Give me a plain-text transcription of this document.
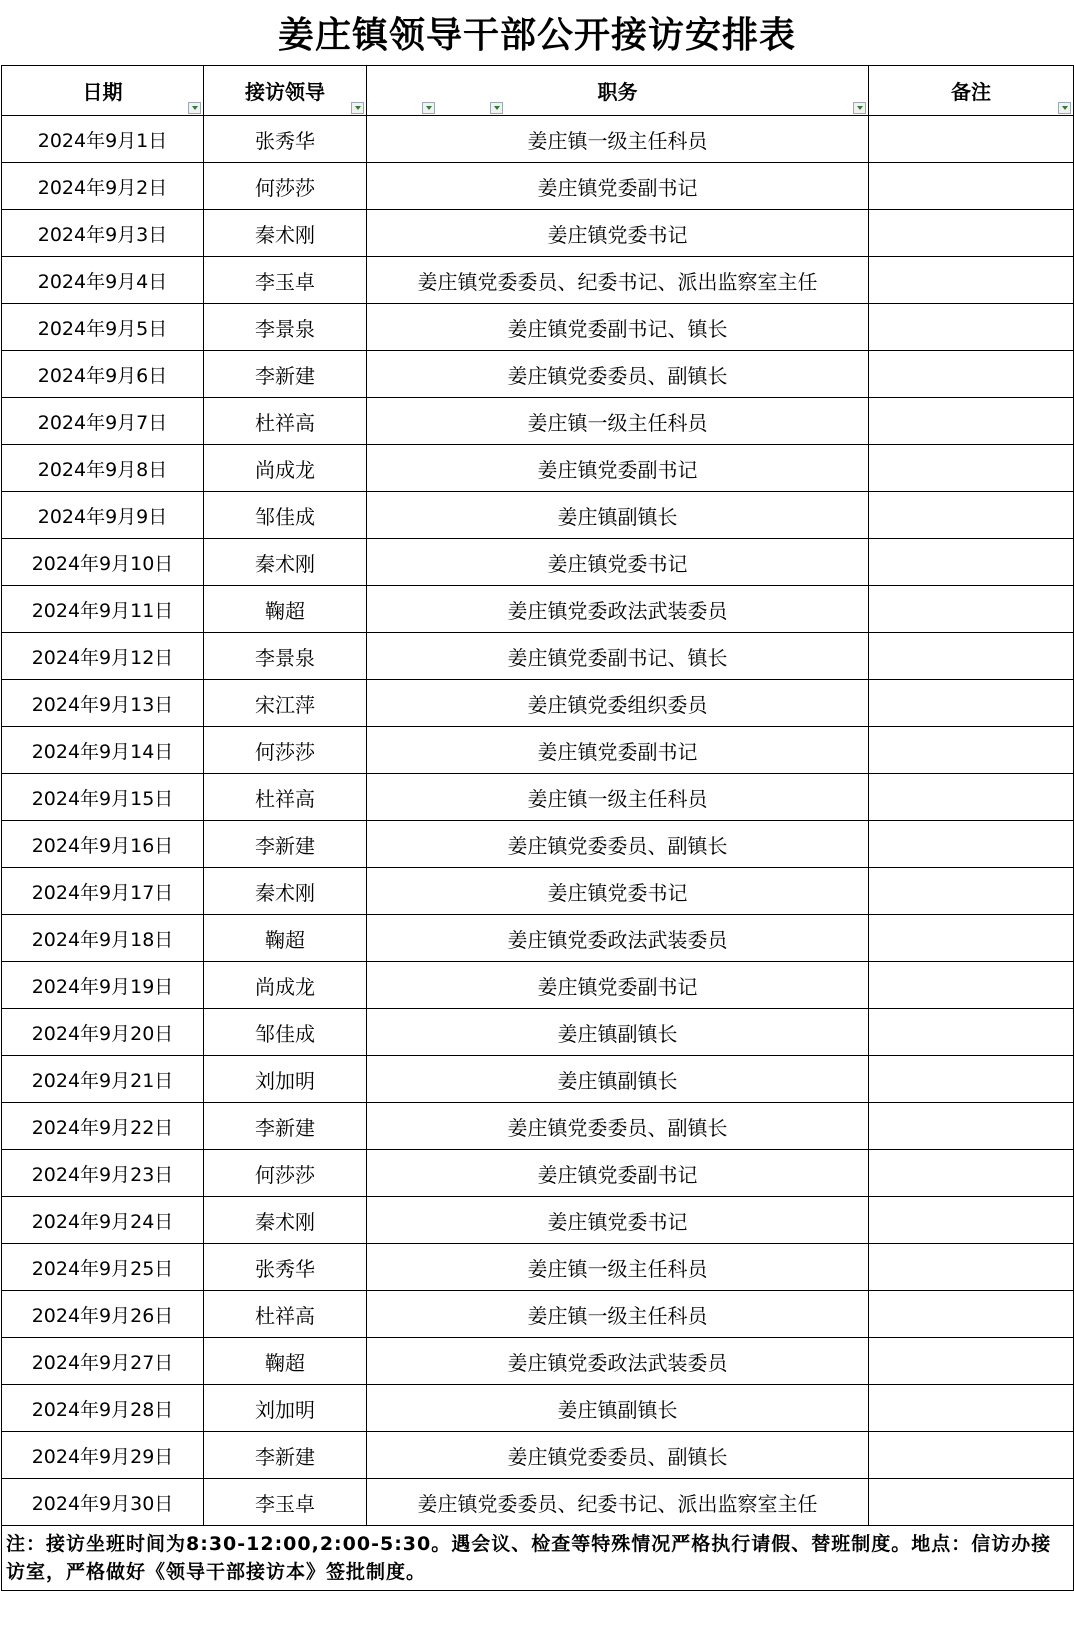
姜庄镇领导干部公开接访安排表
日期	接访领导	职务	备注

2024年9月1日	张秀华	姜庄镇一级主任科员	
2024年9月2日	何莎莎	姜庄镇党委副书记	
2024年9月3日	秦术刚	姜庄镇党委书记	
2024年9月4日	李玉卓	姜庄镇党委委员、纪委书记、派出监察室主任	
2024年9月5日	李景泉	姜庄镇党委副书记、镇长	
2024年9月6日	李新建	姜庄镇党委委员、副镇长	
2024年9月7日	杜祥高	姜庄镇一级主任科员	
2024年9月8日	尚成龙	姜庄镇党委副书记	
2024年9月9日	邹佳成	姜庄镇副镇长	
2024年9月10日	秦术刚	姜庄镇党委书记	
2024年9月11日	鞠超	姜庄镇党委政法武装委员	
2024年9月12日	李景泉	姜庄镇党委副书记、镇长	
2024年9月13日	宋江萍	姜庄镇党委组织委员	
2024年9月14日	何莎莎	姜庄镇党委副书记	
2024年9月15日	杜祥高	姜庄镇一级主任科员	
2024年9月16日	李新建	姜庄镇党委委员、副镇长	
2024年9月17日	秦术刚	姜庄镇党委书记	
2024年9月18日	鞠超	姜庄镇党委政法武装委员	
2024年9月19日	尚成龙	姜庄镇党委副书记	
2024年9月20日	邹佳成	姜庄镇副镇长	
2024年9月21日	刘加明	姜庄镇副镇长	
2024年9月22日	李新建	姜庄镇党委委员、副镇长	
2024年9月23日	何莎莎	姜庄镇党委副书记	
2024年9月24日	秦术刚	姜庄镇党委书记	
2024年9月25日	张秀华	姜庄镇一级主任科员	
2024年9月26日	杜祥高	姜庄镇一级主任科员	
2024年9月27日	鞠超	姜庄镇党委政法武装委员	
2024年9月28日	刘加明	姜庄镇副镇长	
2024年9月29日	李新建	姜庄镇党委委员、副镇长	
2024年9月30日	李玉卓	姜庄镇党委委员、纪委书记、派出监察室主任	
注：接访坐班时间为8:30-12:00,2:00-5:30。遇会议、检查等特殊情况严格执行请假、替班制度。地点：信访办接访室，严格做好《领导干部接访本》签批制度。			
